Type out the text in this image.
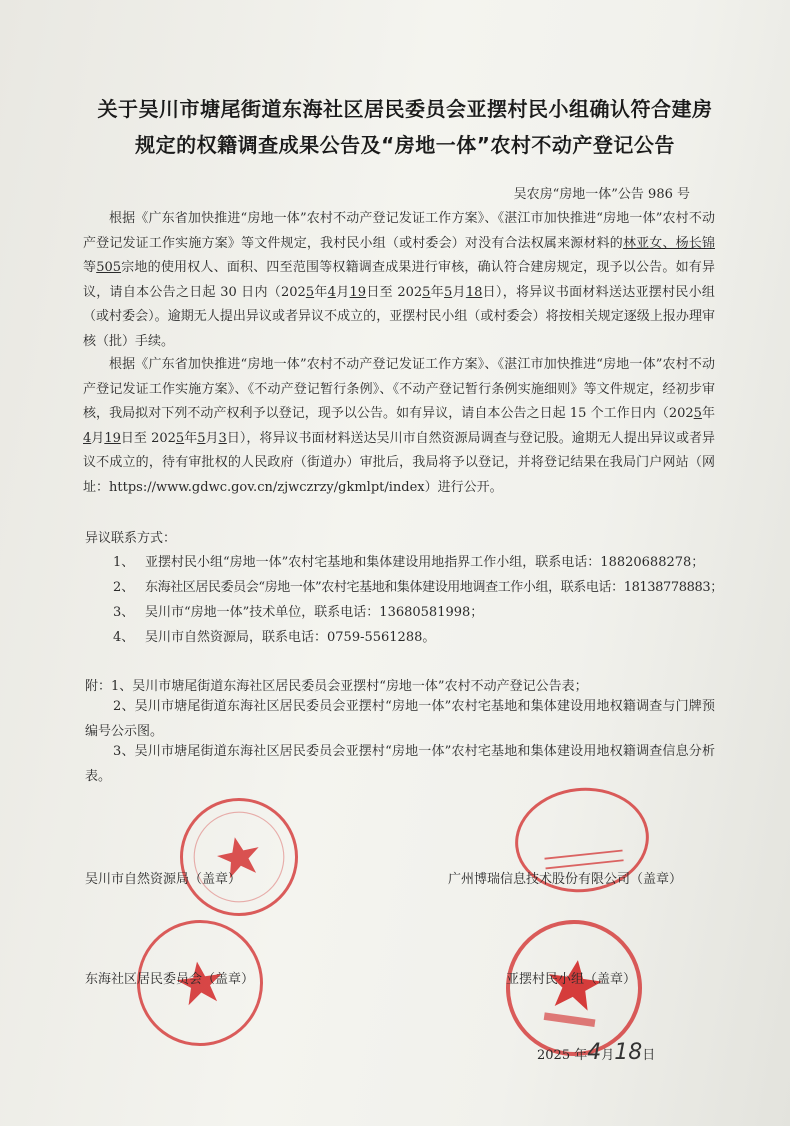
关于吴川市塘尾街道东海社区居民委员会亚摆村民小组确认符合建房
规定的权籍调查成果公告及“房地一体”农村不动产登记公告
吴农房“房地一体”公告 986 号

根据《广东省加快推进“房地一体”农村不动产登记发证工作方案》、《湛江市加快推进“房地一体”农村不动产登记发证工作实施方案》等文件规定，我村民小组（或村委会）对没有合法权属来源材料的林亚女、杨长锦等505宗地的使用权人、面积、四至范围等权籍调查成果进行审核，确认符合建房规定，现予以公告。如有异议，请自本公告之日起 30 日内（2025年4月19日至 2025年5月18日），将异议书面材料送达亚摆村民小组（或村委会）。逾期无人提出异议或者异议不成立的，亚摆村民小组（或村委会）将按相关规定逐级上报办理审核（批）手续。

根据《广东省加快推进“房地一体”农村不动产登记发证工作方案》、《湛江市加快推进“房地一体”农村不动产登记发证工作实施方案》、《不动产登记暂行条例》、《不动产登记暂行条例实施细则》等文件规定，经初步审核，我局拟对下列不动产权利予以登记，现予以公告。如有异议，请自本公告之日起 15 个工作日内（2025年4月19日至 2025年5月3日），将异议书面材料送达吴川市自然资源局调查与登记股。逾期无人提出异议或者异议不成立的，待有审批权的人民政府（街道办）审批后，我局将予以登记，并将登记结果在我局门户网站（网址：https://www.gdwc.gov.cn/zjwczrzy/gkmlpt/index）进行公开。

异议联系方式：
1、 亚摆村民小组“房地一体”农村宅基地和集体建设用地指界工作小组，联系电话：18820688278；
2、 东海社区居民委员会“房地一体”农村宅基地和集体建设用地调查工作小组，联系电话：18138778883；
3、 吴川市“房地一体”技术单位，联系电话：13680581998；
4、 吴川市自然资源局，联系电话：0759-5561288。
附：1、吴川市塘尾街道东海社区居民委员会亚摆村“房地一体”农村不动产登记公告表；

2、吴川市塘尾街道东海社区居民委员会亚摆村“房地一体”农村宅基地和集体建设用地权籍调查与门牌预编号公示图。

3、吴川市塘尾街道东海社区居民委员会亚摆村“房地一体”农村宅基地和集体建设用地权籍调查信息分析表。

吴川市自然资源局（盖章）	广州博瑞信息技术股份有限公司（盖章）
东海社区居民委员会（盖章）	亚摆村民小组（盖章）
2025 年4月18日
